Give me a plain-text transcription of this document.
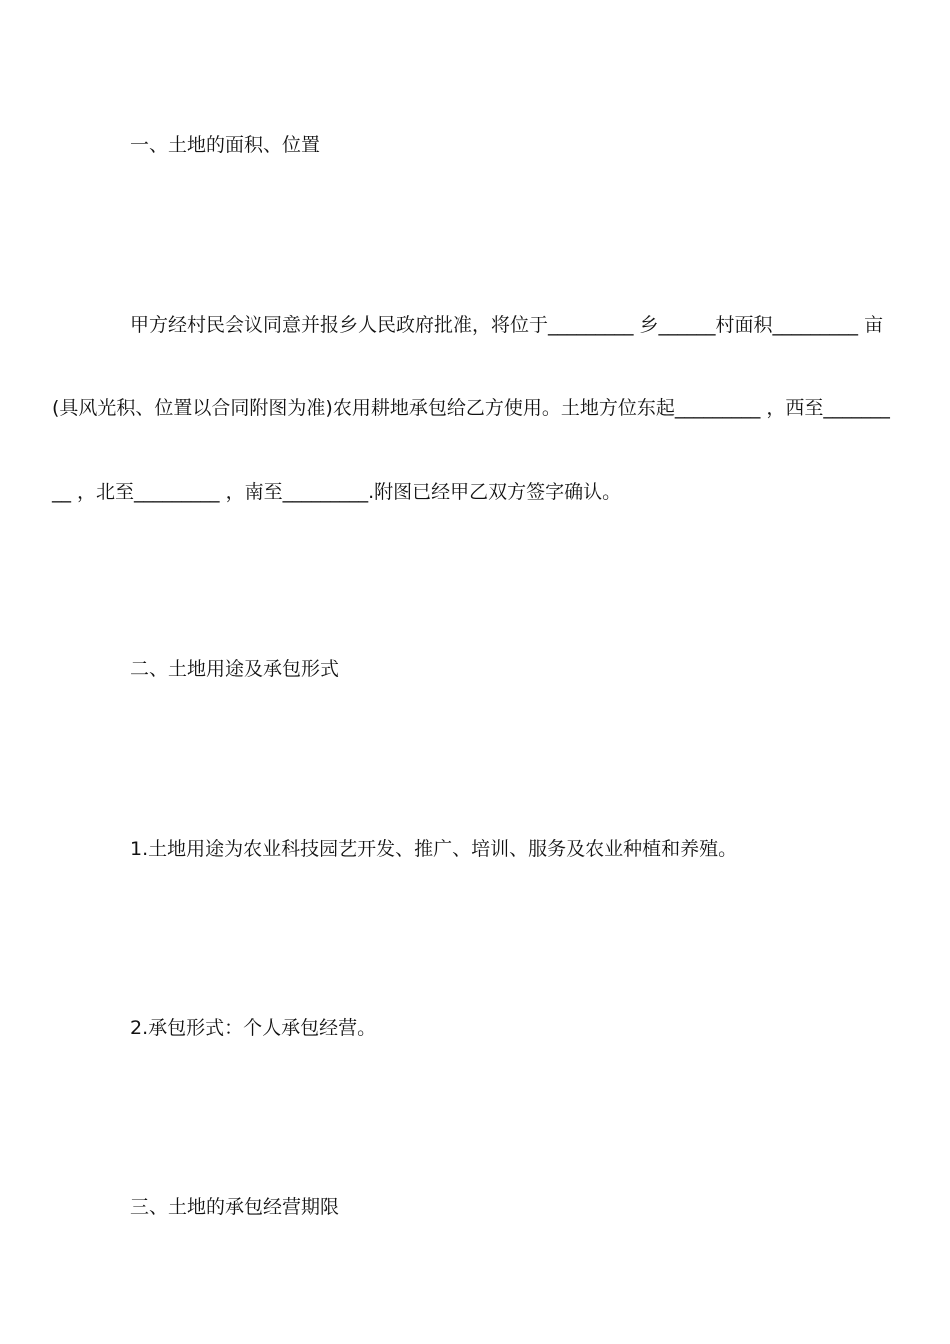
一、土地的面积、位置
甲方经村民会议同意并报乡人民政府批准，将位于_________ 乡______村面积_________ 亩
(具风光积、位置以合同附图为准)农用耕地承包给乙方使用。土地方位东起_________ ，西至_______
__ ，北至_________ ，南至_________.附图已经甲乙双方签字确认。
二、土地用途及承包形式
1.土地用途为农业科技园艺开发、推广、培训、服务及农业种植和养殖。
2.承包形式：个人承包经营。
三、土地的承包经营期限
